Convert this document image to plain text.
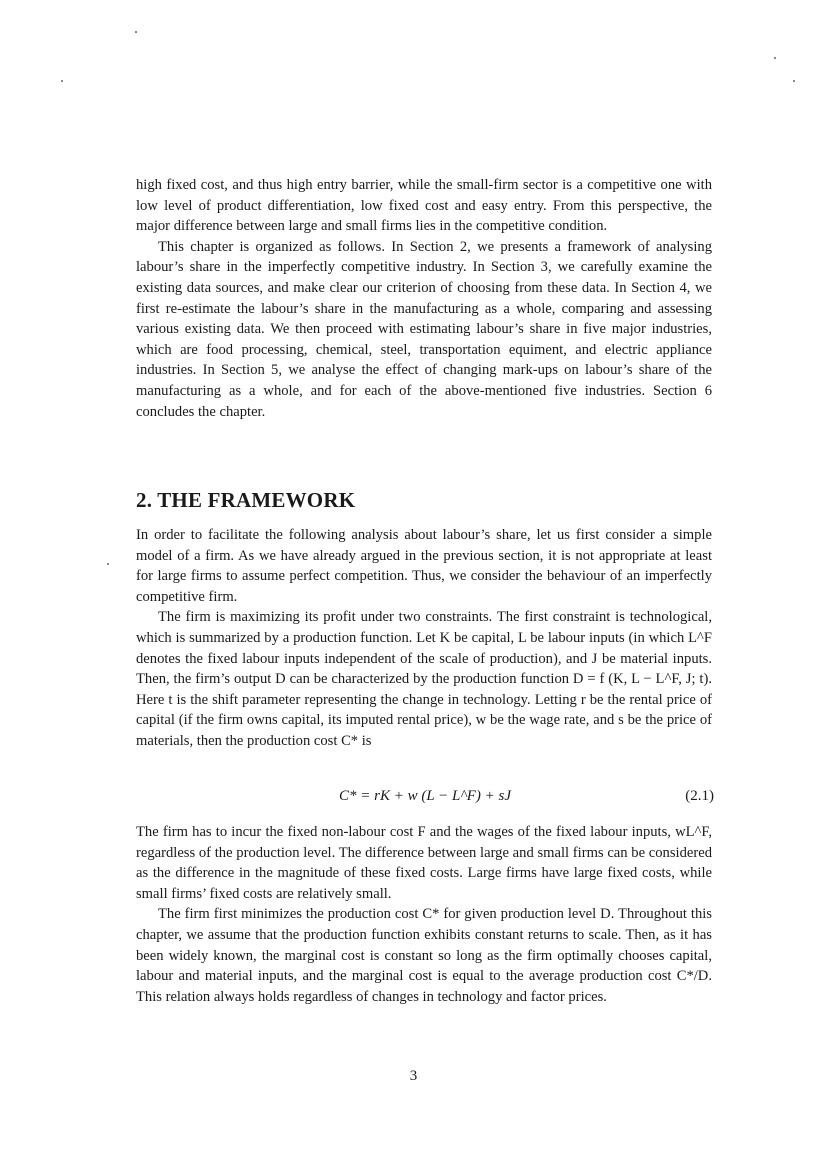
high fixed cost, and thus high entry barrier, while the small-firm sector is a competitive one with low level of product differentiation, low fixed cost and easy entry. From this perspective, the major difference between large and small firms lies in the competitive condition.

This chapter is organized as follows. In Section 2, we presents a framework of analysing labour’s share in the imperfectly competitive industry. In Section 3, we carefully examine the existing data sources, and make clear our criterion of choosing from these data. In Section 4, we first re-estimate the labour’s share in the manufacturing as a whole, comparing and assessing various existing data. We then proceed with estimating labour’s share in five major industries, which are food processing, chemical, steel, transportation equiment, and electric appliance industries. In Section 5, we analyse the effect of changing mark-ups on labour’s share of the manufacturing as a whole, and for each of the above-mentioned five industries. Section 6 concludes the chapter.

2. THE FRAMEWORK

In order to facilitate the following analysis about labour’s share, let us first consider a simple model of a firm. As we have already argued in the previous section, it is not appropriate at least for large firms to assume perfect competition. Thus, we consider the behaviour of an imperfectly competitive firm.

The firm is maximizing its profit under two constraints. The first constraint is technological, which is summarized by a production function. Let K be capital, L be labour inputs (in which L^F denotes the fixed labour inputs independent of the scale of production), and J be material inputs. Then, the firm’s output D can be characterized by the production function D = f (K, L − L^F, J; t). Here t is the shift parameter representing the change in technology. Letting r be the rental price of capital (if the firm owns capital, its imputed rental price), w be the wage rate, and s be the price of materials, then the production cost C* is

C* = rK + w (L − L^F) + sJ	(2.1)

The firm has to incur the fixed non-labour cost F and the wages of the fixed labour inputs, wL^F, regardless of the production level. The difference between large and small firms can be considered as the difference in the magnitude of these fixed costs. Large firms have large fixed costs, while small firms’ fixed costs are relatively small.

The firm first minimizes the production cost C* for given production level D. Throughout this chapter, we assume that the production function exhibits constant returns to scale. Then, as it has been widely known, the marginal cost is constant so long as the firm optimally chooses capital, labour and material inputs, and the marginal cost is equal to the average production cost C*/D. This relation always holds regardless of changes in technology and factor prices.

3
